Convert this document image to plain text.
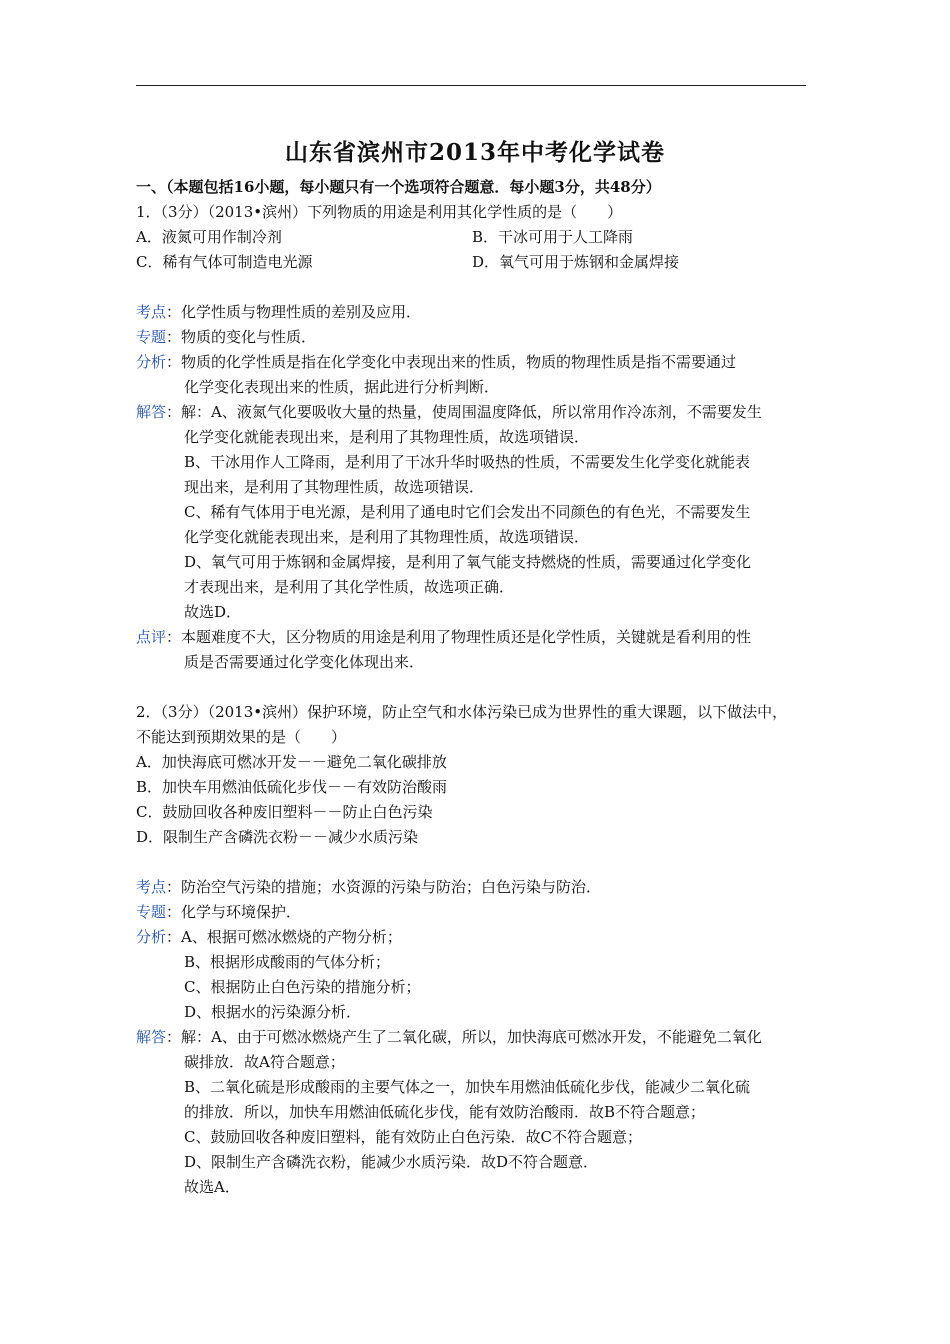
山东省滨州市2013年中考化学试卷
一、（本题包括16小题，每小题只有一个选项符合题意．每小题3分，共48分）
1．（3分）（2013•滨州）下列物质的用途是利用其化学性质的是（　　）
A．液氮可用作制冷剂	B．干冰可用于人工降雨
C．稀有气体可制造电光源	D．氧气可用于炼钢和金属焊接
考点：化学性质与物理性质的差别及应用．
专题：物质的变化与性质．
分析：物质的化学性质是指在化学变化中表现出来的性质，物质的物理性质是指不需要通过
化学变化表现出来的性质，据此进行分析判断．
解答：解：A、液氮气化要吸收大量的热量，使周围温度降低，所以常用作冷冻剂，不需要发生
化学变化就能表现出来，是利用了其物理性质，故选项错误．
B、干冰用作人工降雨，是利用了干冰升华时吸热的性质，不需要发生化学变化就能表
现出来，是利用了其物理性质，故选项错误．
C、稀有气体用于电光源，是利用了通电时它们会发出不同颜色的有色光，不需要发生
化学变化就能表现出来，是利用了其物理性质，故选项错误．
D、氧气可用于炼钢和金属焊接，是利用了氧气能支持燃烧的性质，需要通过化学变化
才表现出来，是利用了其化学性质，故选项正确．
故选D．
点评：本题难度不大，区分物质的用途是利用了物理性质还是化学性质，关键就是看利用的性
质是否需要通过化学变化体现出来．
2．（3分）（2013•滨州）保护环境，防止空气和水体污染已成为世界性的重大课题，以下做法中，
不能达到预期效果的是（　　）
A．加快海底可燃冰开发－－避免二氧化碳排放
B．加快车用燃油低硫化步伐－－有效防治酸雨
C．鼓励回收各种废旧塑料－－防止白色污染
D．限制生产含磷洗衣粉－－减少水质污染
考点：防治空气污染的措施；水资源的污染与防治；白色污染与防治．
专题：化学与环境保护．
分析：A、根据可燃冰燃烧的产物分析；
B、根据形成酸雨的气体分析；
C、根据防止白色污染的措施分析；
D、根据水的污染源分析．
解答：解：A、由于可燃冰燃烧产生了二氧化碳，所以，加快海底可燃冰开发，不能避免二氧化
碳排放．故A符合题意；
B、二氧化硫是形成酸雨的主要气体之一，加快车用燃油低硫化步伐，能减少二氧化硫
的排放．所以，加快车用燃油低硫化步伐，能有效防治酸雨．故B不符合题意；
C、鼓励回收各种废旧塑料，能有效防止白色污染．故C不符合题意；
D、限制生产含磷洗衣粉，能减少水质污染．故D不符合题意．
故选A．
